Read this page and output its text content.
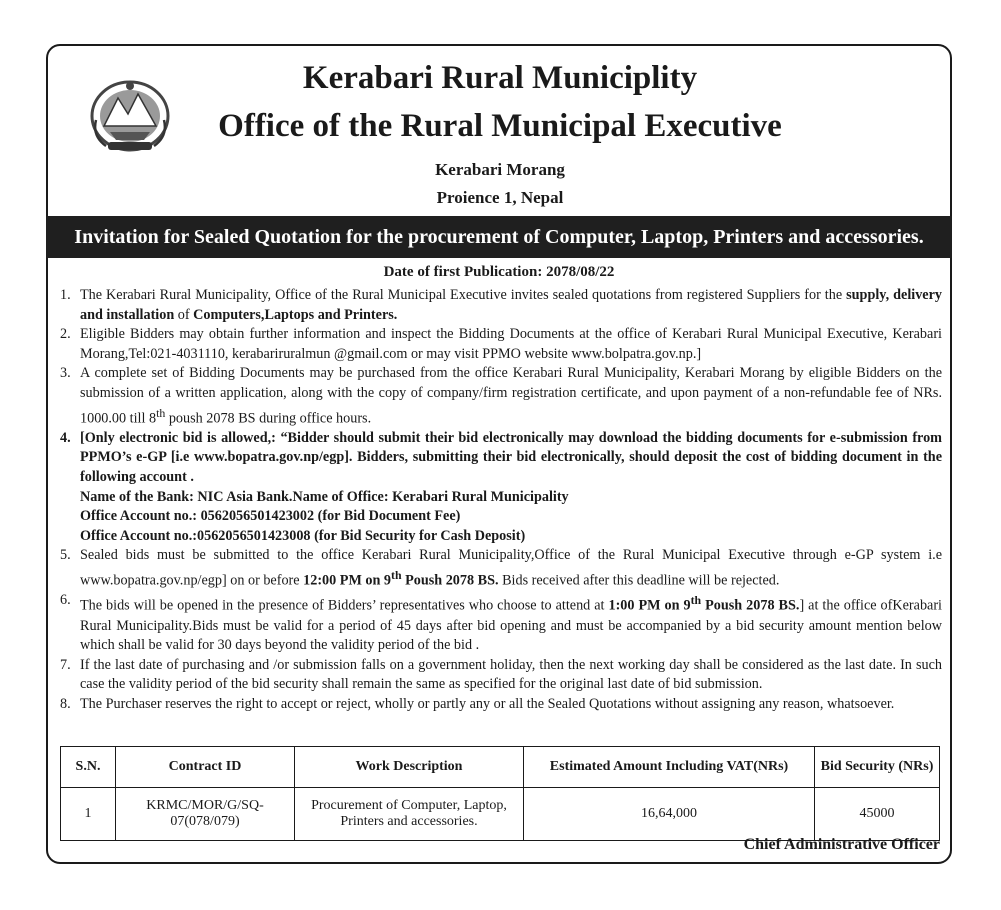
Kerabari Rural Municiplity
Office of the Rural Municipal Executive
Kerabari Morang
Proience 1, Nepal
Invitation for Sealed Quotation for the procurement of Computer, Laptop, Printers and accessories.
Date of first Publication: 2078/08/22
1. The Kerabari Rural Municipality, Office of the Rural Municipal Executive invites sealed quotations from registered Suppliers for the supply, delivery and installation of Computers,Laptops and Printers.
2. Eligible Bidders may obtain further information and inspect the Bidding Documents at the office of Kerabari Rural Municipal Executive, Kerabari Morang,Tel:021-4031110, kerabariruralmun @gmail.com or may visit PPMO website www.bolpatra.gov.np.]
3. A complete set of Bidding Documents may be purchased from the office Kerabari Rural Municipality, Kerabari Morang by eligible Bidders on the submission of a written application, along with the copy of company/firm registration certificate, and upon payment of a non-refundable fee of NRs. 1000.00 till 8th poush 2078 BS during office hours.
4. [Only electronic bid is allowed,: “Bidder should submit their bid electronically may download the bidding documents for e-submission from PPMO’s e-GP [i.e www.bopatra.gov.np/egp]. Bidders, submitting their bid electronically, should deposit the cost of bidding document in the following account .
Name of the Bank: NIC Asia Bank.Name of Office: Kerabari Rural Municipality
Office Account no.: 0562056501423002 (for Bid Document Fee)
Office Account no.:0562056501423008 (for Bid Security for Cash Deposit)
5. Sealed bids must be submitted to the office Kerabari Rural Municipality,Office of the Rural Municipal Executive through e-GP system i.e www.bopatra.gov.np/egp] on or before 12:00 PM on 9th Poush 2078 BS. Bids received after this deadline will be rejected.
6. The bids will be opened in the presence of Bidders’ representatives who choose to attend at 1:00 PM on 9th Poush 2078 BS.] at the office ofKerabari Rural Municipality.Bids must be valid for a period of 45 days after bid opening and must be accompanied by a bid security amount mention below which shall be valid for 30 days beyond the validity period of the bid .
7. If the last date of purchasing and /or submission falls on a government holiday, then the next working day shall be considered as the last date. In such case the validity period of the bid security shall remain the same as specified for the original last date of bid submission.
8. The Purchaser reserves the right to accept or reject, wholly or partly any or all the Sealed Quotations without assigning any reason, whatsoever.
S.N.	Contract ID	Work Description	Estimated Amount Including VAT(NRs)	Bid Security (NRs)
1	KRMC/MOR/G/SQ-07(078/079)	Procurement of Computer, Laptop, Printers and accessories.	16,64,000	45000
Chief Administrative Officer
